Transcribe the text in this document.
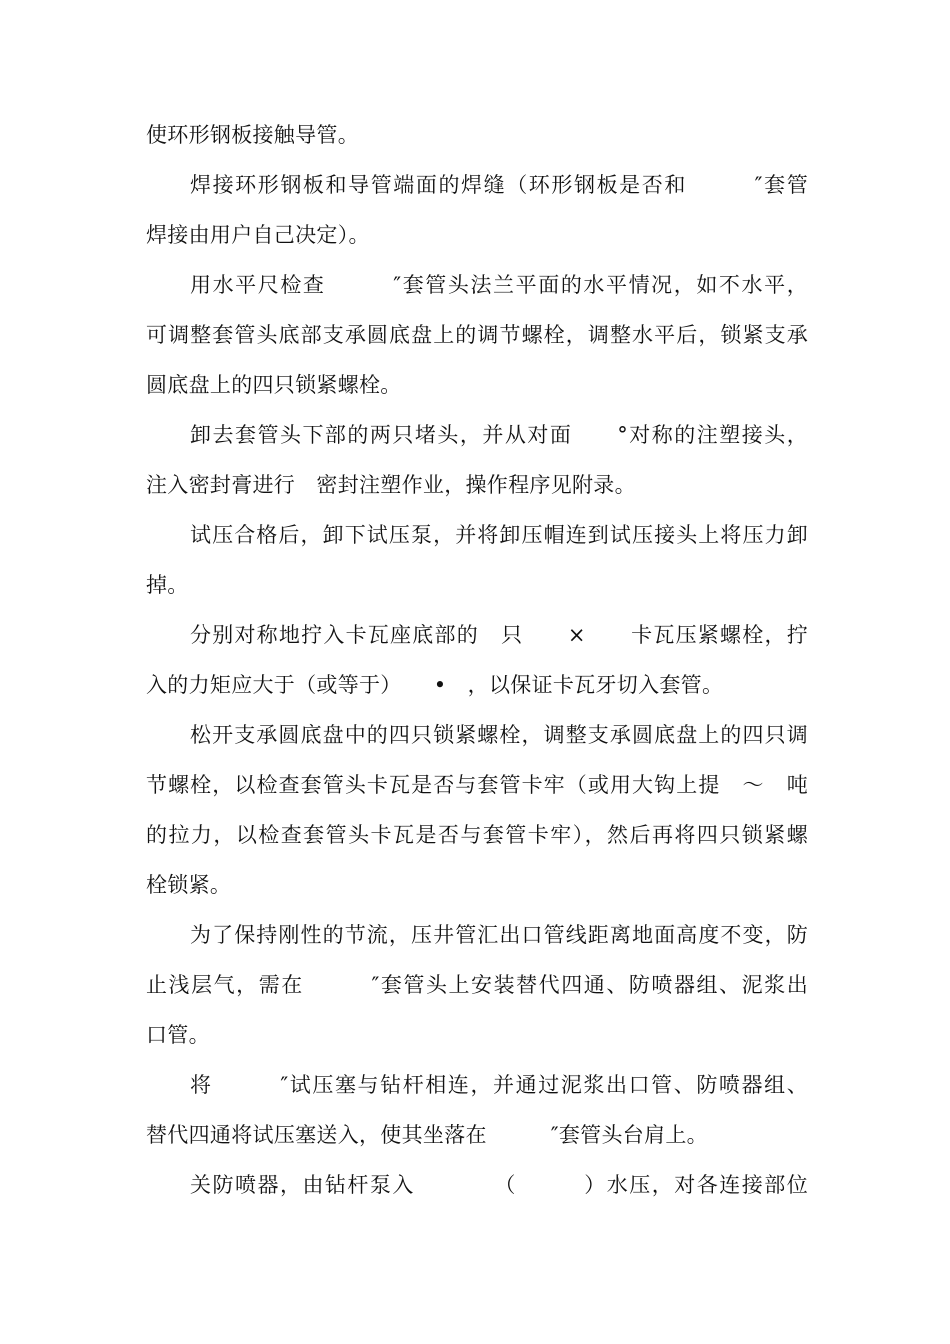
使环形钢板接触导管。
焊接环形钢板和导管端面的焊缝（环形钢板是否和　　　″套管
焊接由用户自己决定）。
用水平尺检查　　　″套管头法兰平面的水平情况，如不水平，
可调整套管头底部支承圆底盘上的调节螺栓，调整水平后，锁紧支承
圆底盘上的四只锁紧螺栓。
卸去套管头下部的两只堵头，并从对面　　°对称的注塑接头，
注入密封膏进行　密封注塑作业，操作程序见附录。
试压合格后，卸下试压泵，并将卸压帽连到试压接头上将压力卸
掉。
分别对称地拧入卡瓦座底部的　只　　×　　卡瓦压紧螺栓，拧
入的力矩应大于（或等于）　　•　，以保证卡瓦牙切入套管。
松开支承圆底盘中的四只锁紧螺栓，调整支承圆底盘上的四只调
节螺栓，以检查套管头卡瓦是否与套管卡牢（或用大钩上提　～　吨
的拉力，以检查套管头卡瓦是否与套管卡牢），然后再将四只锁紧螺
栓锁紧。
为了保持刚性的节流，压井管汇出口管线距离地面高度不变，防
止浅层气，需在　　　″套管头上安装替代四通、防喷器组、泥浆出
口管。
将　　　″试压塞与钻杆相连，并通过泥浆出口管、防喷器组、
替代四通将试压塞送入，使其坐落在　　　″套管头台肩上。
关防喷器，由钻杆泵入　　　　（　　　）水压，对各连接部位
